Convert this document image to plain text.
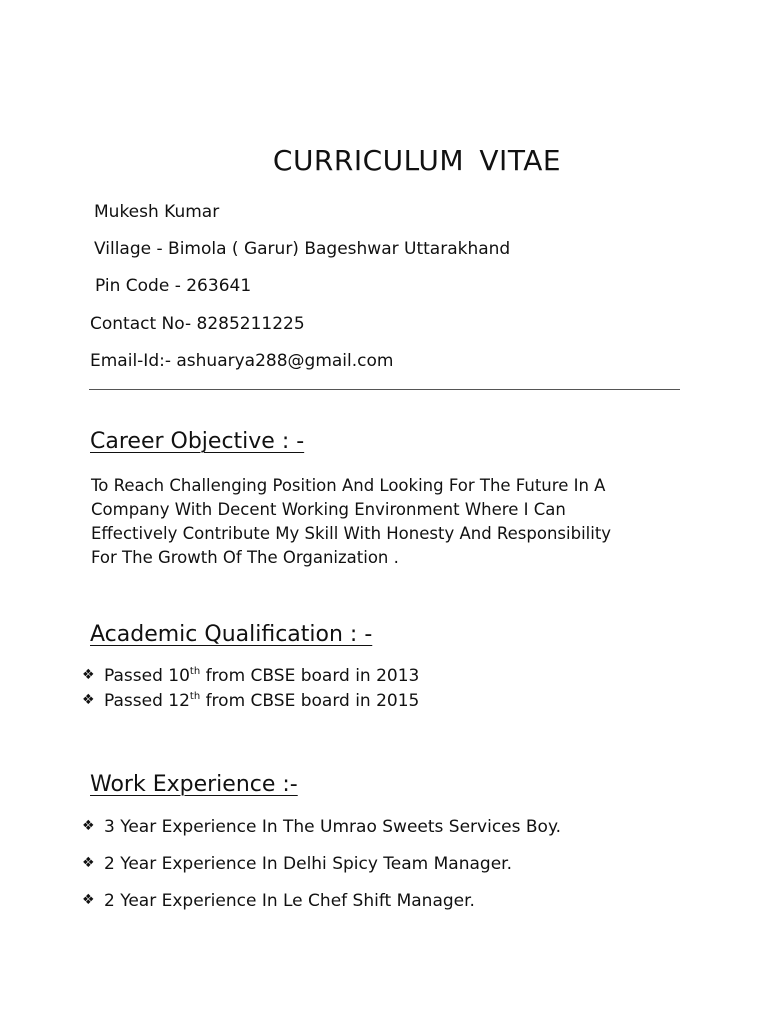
CURRICULUM VITAE
Mukesh Kumar
Village - Bimola ( Garur) Bageshwar Uttarakhand
Pin Code - 263641
Contact No- 8285211225
Email-Id:- ashuarya288@gmail.com
Career Objective : -
To Reach Challenging Position And Looking For The Future In A
Company With Decent Working Environment Where I Can
Effectively Contribute My Skill With Honesty And Responsibility
For The Growth Of The Organization .
Academic Qualification : -
❖ Passed 10th from CBSE board in 2013
❖ Passed 12th from CBSE board in 2015
Work Experience :-
❖ 3 Year Experience In The Umrao Sweets Services Boy.
❖ 2 Year Experience In Delhi Spicy Team Manager.
❖ 2 Year Experience In Le Chef Shift Manager.
